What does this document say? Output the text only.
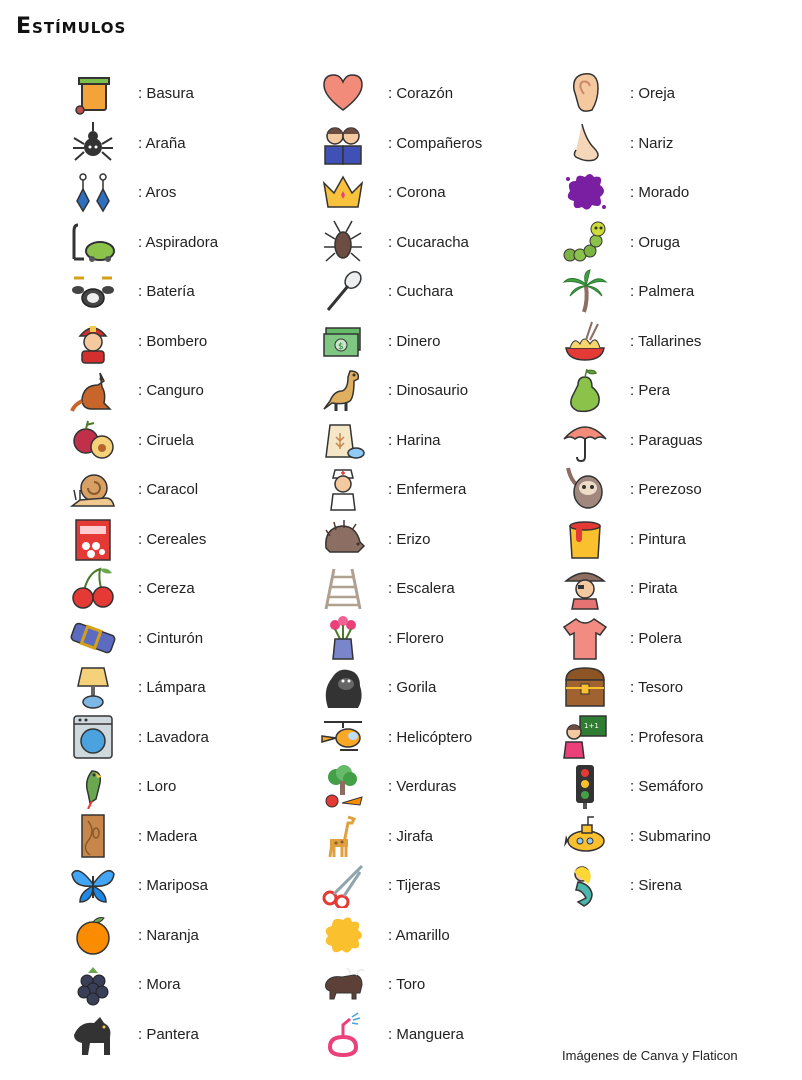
Estímulos
: Basura
: Araña
: Aros
: Aspiradora
: Batería
: Bombero
: Canguro
: Ciruela
: Caracol
: Cereales
: Cereza
: Cinturón
: Lámpara
: Lavadora
: Loro
: Madera
: Mariposa
: Naranja
: Mora
: Pantera
: Corazón
: Compañeros
: Corona
: Cucaracha
: Cuchara
$	: Dinero
: Dinosaurio
: Harina
: Enfermera
: Erizo
: Escalera
: Florero
: Gorila
: Helicóptero
: Verduras
: Jirafa
: Tijeras
: Amarillo
: Toro
: Manguera
: Oreja
: Nariz
: Morado
: Oruga
: Palmera
: Tallarines
: Pera
: Paraguas
: Perezoso
: Pintura
: Pirata
: Polera
: Tesoro
1+1
: Profesora
: Semáforo
: Submarino
: Sirena
Imágenes de Canva y Flaticon
